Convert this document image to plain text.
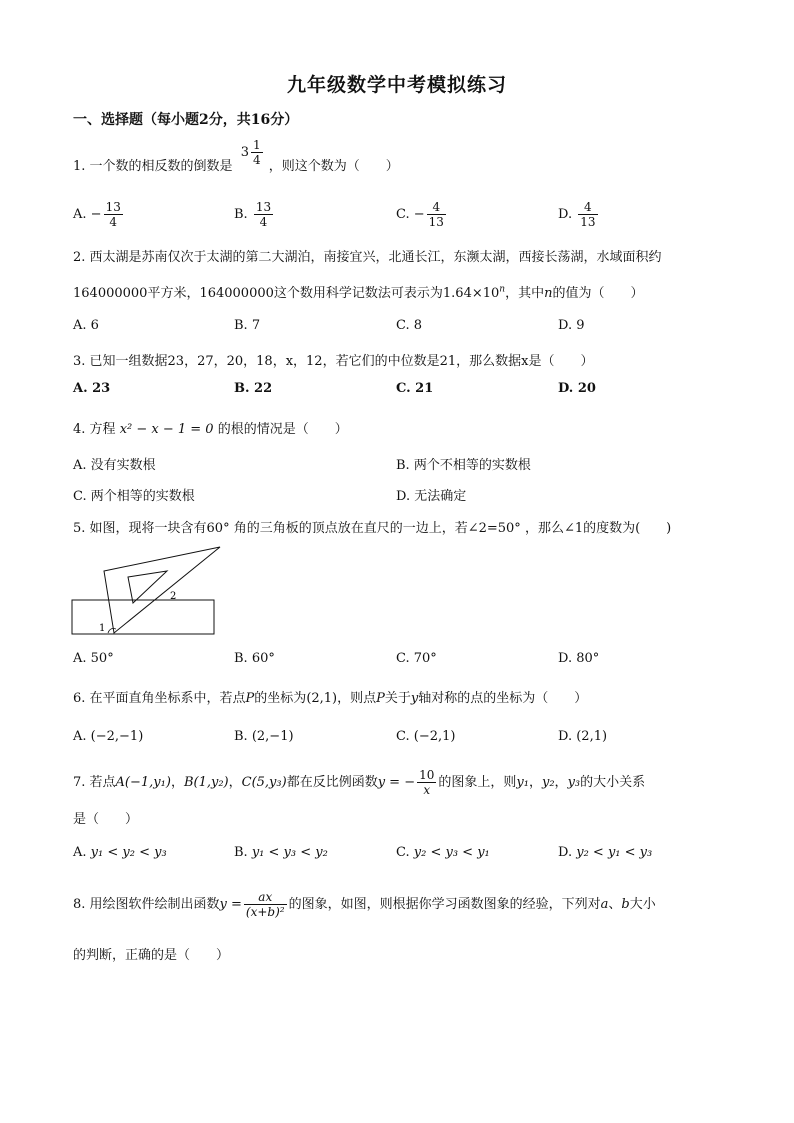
九年级数学中考模拟练习
一、选择题（每小题2分，共16分）
1. 一个数的相反数的倒数是 $3 \frac{1}{4}$ ，则这个数为（　　）
A. − $\frac{13}{4}$	B. $\frac{13}{4}$	C. − $\frac{4}{13}$	D. $\frac{4}{13}$
2. 西太湖是苏南仅次于太湖的第二大湖泊，南接宜兴，北通长江，东濒太湖，西接长荡湖，水域面积约
164000000平方米，164000000这个数用科学记数法可表示为$1.64\times 10^n$，其中n的值为（　　）
A. 6	B. 7	C. 8	D. 9
3. 已知一组数据23，27，20，18，x，12，若它们的中位数是21，那么数据x是（　　）
A. 23	B. 22	C. 21	D. 20
4. 方程 x² − x − 1 = 0 的根的情况是（　　）
A. 没有实数根	B. 两个不相等的实数根
C. 两个相等的实数根	D. 无法确定
5. 如图，现将一块含有60° 角的三角板的顶点放在直尺的一边上，若∠2=50° ，那么∠1的度数为(　　)
1
2
A. 50°	B. 60°	C. 70°	D. 80°
6. 在平面直角坐标系中，若点P的坐标为(2,1)，则点P关于y轴对称的点的坐标为（　　）
A. (−2,−1)	B. (2,−1)	C. (−2,1)	D. (2,1)
7. 若点A(−1,y₁)，B(1,y₂)，C(5,y₃)都在反比例函数y = − $\frac{10}{x}$ 的图象上，则y₁，y₂，y₃的大小关系
是（　　）
A. y₁ < y₂ < y₃	B. y₁ < y₃ < y₂	C. y₂ < y₃ < y₁	D. y₂ < y₁ < y₃
8. 用绘图软件绘制出函数$y = \frac{ax}{\text{(x+b)²}}$ 的图象，如图，则根据你学习函数图象的经验，下列对a、b大小
的判断，正确的是（　　）
